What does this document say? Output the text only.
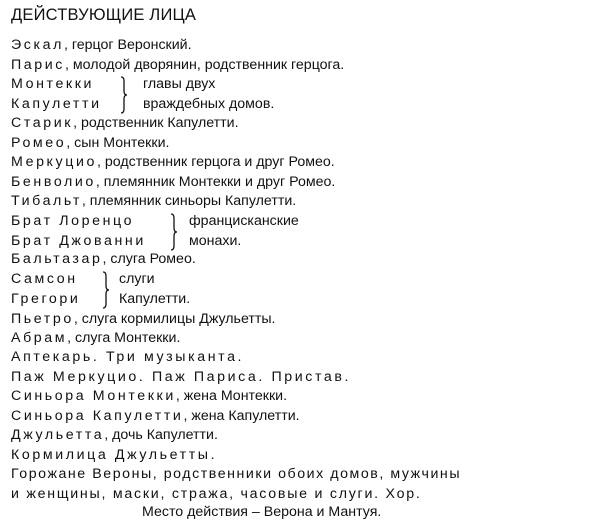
ДЕЙСТВУЮЩИЕ ЛИЦА
Эскал, герцог Веронский.
Парис, молодой дворянин, родственник герцога.
Монтекки
Капулетти
главы двух
враждебных домов.
Старик, родственник Капулетти.
Ромео, сын Монтекки.
Меркуцио, родственник герцога и друг Ромео.
Бенволио, племянник Монтекки и друг Ромео.
Тибальт, племянник синьоры Капулетти.
Брат Лоренцо
Брат Джованни
францисканские
монахи.
Бальтазар, слуга Ромео.
Самсон
Грегори
слуги
Капулетти.
Пьетро, слуга кормилицы Джульетты.
Абрам, слуга Монтекки.
Аптекарь. Три музыканта.
Паж Меркуцио. Паж Париса. Пристав.
Синьора Монтекки, жена Монтекки.
Синьора Капулетти, жена Капулетти.
Джульетта, дочь Капулетти.
Кормилица Джульетты.
Горожане Вероны, родственники обоих домов, мужчины
и женщины, маски, стража, часовые и слуги. Хор.
Место действия – Верона и Мантуя.
